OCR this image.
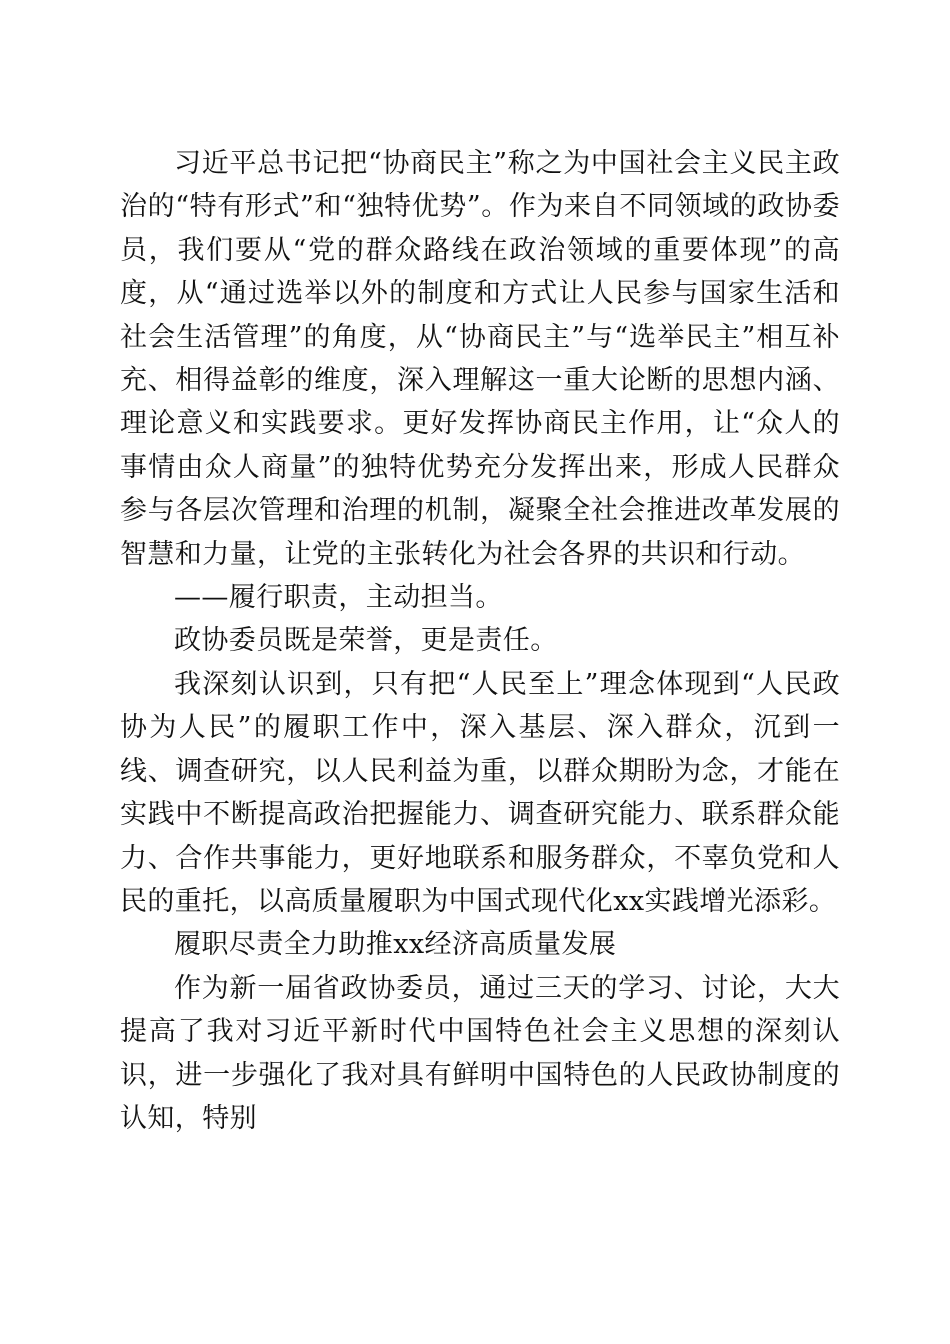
习近平总书记把“协商民主”称之为中国社会主义民主政治的“特有形式”和“独特优势”。作为来自不同领域的政协委员，我们要从“党的群众路线在政治领域的重要体现”的高度，从“通过选举以外的制度和方式让人民参与国家生活和社会生活管理”的角度，从“协商民主”与“选举民主”相互补充、相得益彰的维度，深入理解这一重大论断的思想内涵、理论意义和实践要求。更好发挥协商民主作用，让“众人的事情由众人商量”的独特优势充分发挥出来，形成人民群众参与各层次管理和治理的机制，凝聚全社会推进改革发展的智慧和力量，让党的主张转化为社会各界的共识和行动。

——履行职责，主动担当。

政协委员既是荣誉，更是责任。

我深刻认识到，只有把“人民至上”理念体现到“人民政协为人民”的履职工作中，深入基层、深入群众，沉到一线、调查研究，以人民利益为重，以群众期盼为念，才能在实践中不断提高政治把握能力、调查研究能力、联系群众能力、合作共事能力，更好地联系和服务群众，不辜负党和人民的重托，以高质量履职为中国式现代化xx实践增光添彩。

履职尽责全力助推xx经济高质量发展

作为新一届省政协委员，通过三天的学习、讨论，大大提高了我对习近平新时代中国特色社会主义思想的深刻认识，进一步强化了我对具有鲜明中国特色的人民政协制度的认知，特别
